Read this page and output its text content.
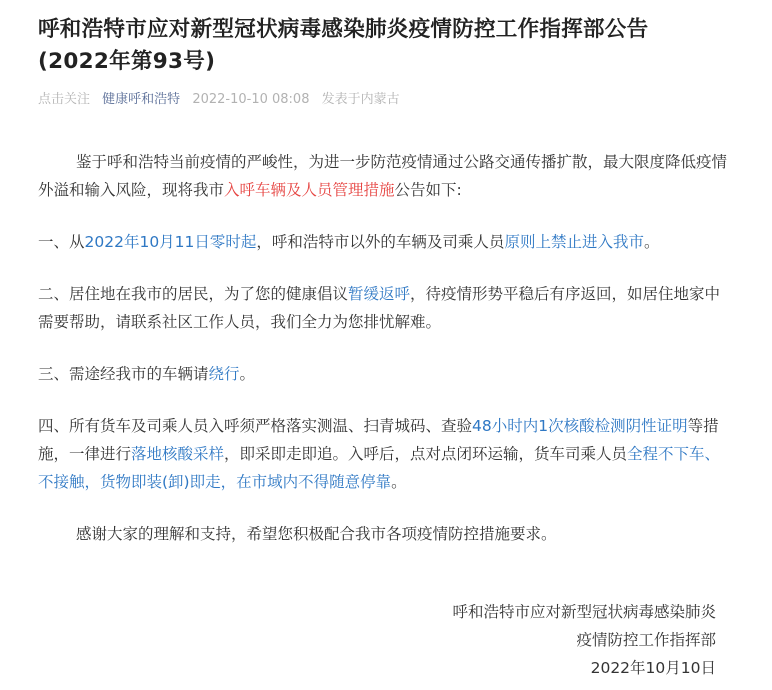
呼和浩特市应对新型冠状病毒感染肺炎疫情防控工作指挥部公告
(2022年第93号)
点击关注 健康呼和浩特 2022-10-10 08:08 发表于内蒙古

鉴于呼和浩特当前疫情的严峻性，为进一步防范疫情通过公路交通传播扩散，最大限度降低疫情外溢和输入风险，现将我市入呼车辆及人员管理措施公告如下:

一、从2022年10月11日零时起，呼和浩特市以外的车辆及司乘人员原则上禁止进入我市。

二、居住地在我市的居民，为了您的健康倡议暂缓返呼，待疫情形势平稳后有序返回，如居住地家中需要帮助，请联系社区工作人员，我们全力为您排忧解难。

三、需途经我市的车辆请绕行。

四、所有货车及司乘人员入呼须严格落实测温、扫青城码、查验48小时内1次核酸检测阴性证明等措施，一律进行落地核酸采样，即采即走即追。入呼后，点对点闭环运输，货车司乘人员全程不下车、不接触，货物即装(卸)即走，在市域内不得随意停靠。

感谢大家的理解和支持，希望您积极配合我市各项疫情防控措施要求。

呼和浩特市应对新型冠状病毒感染肺炎
疫情防控工作指挥部
2022年10月10日
